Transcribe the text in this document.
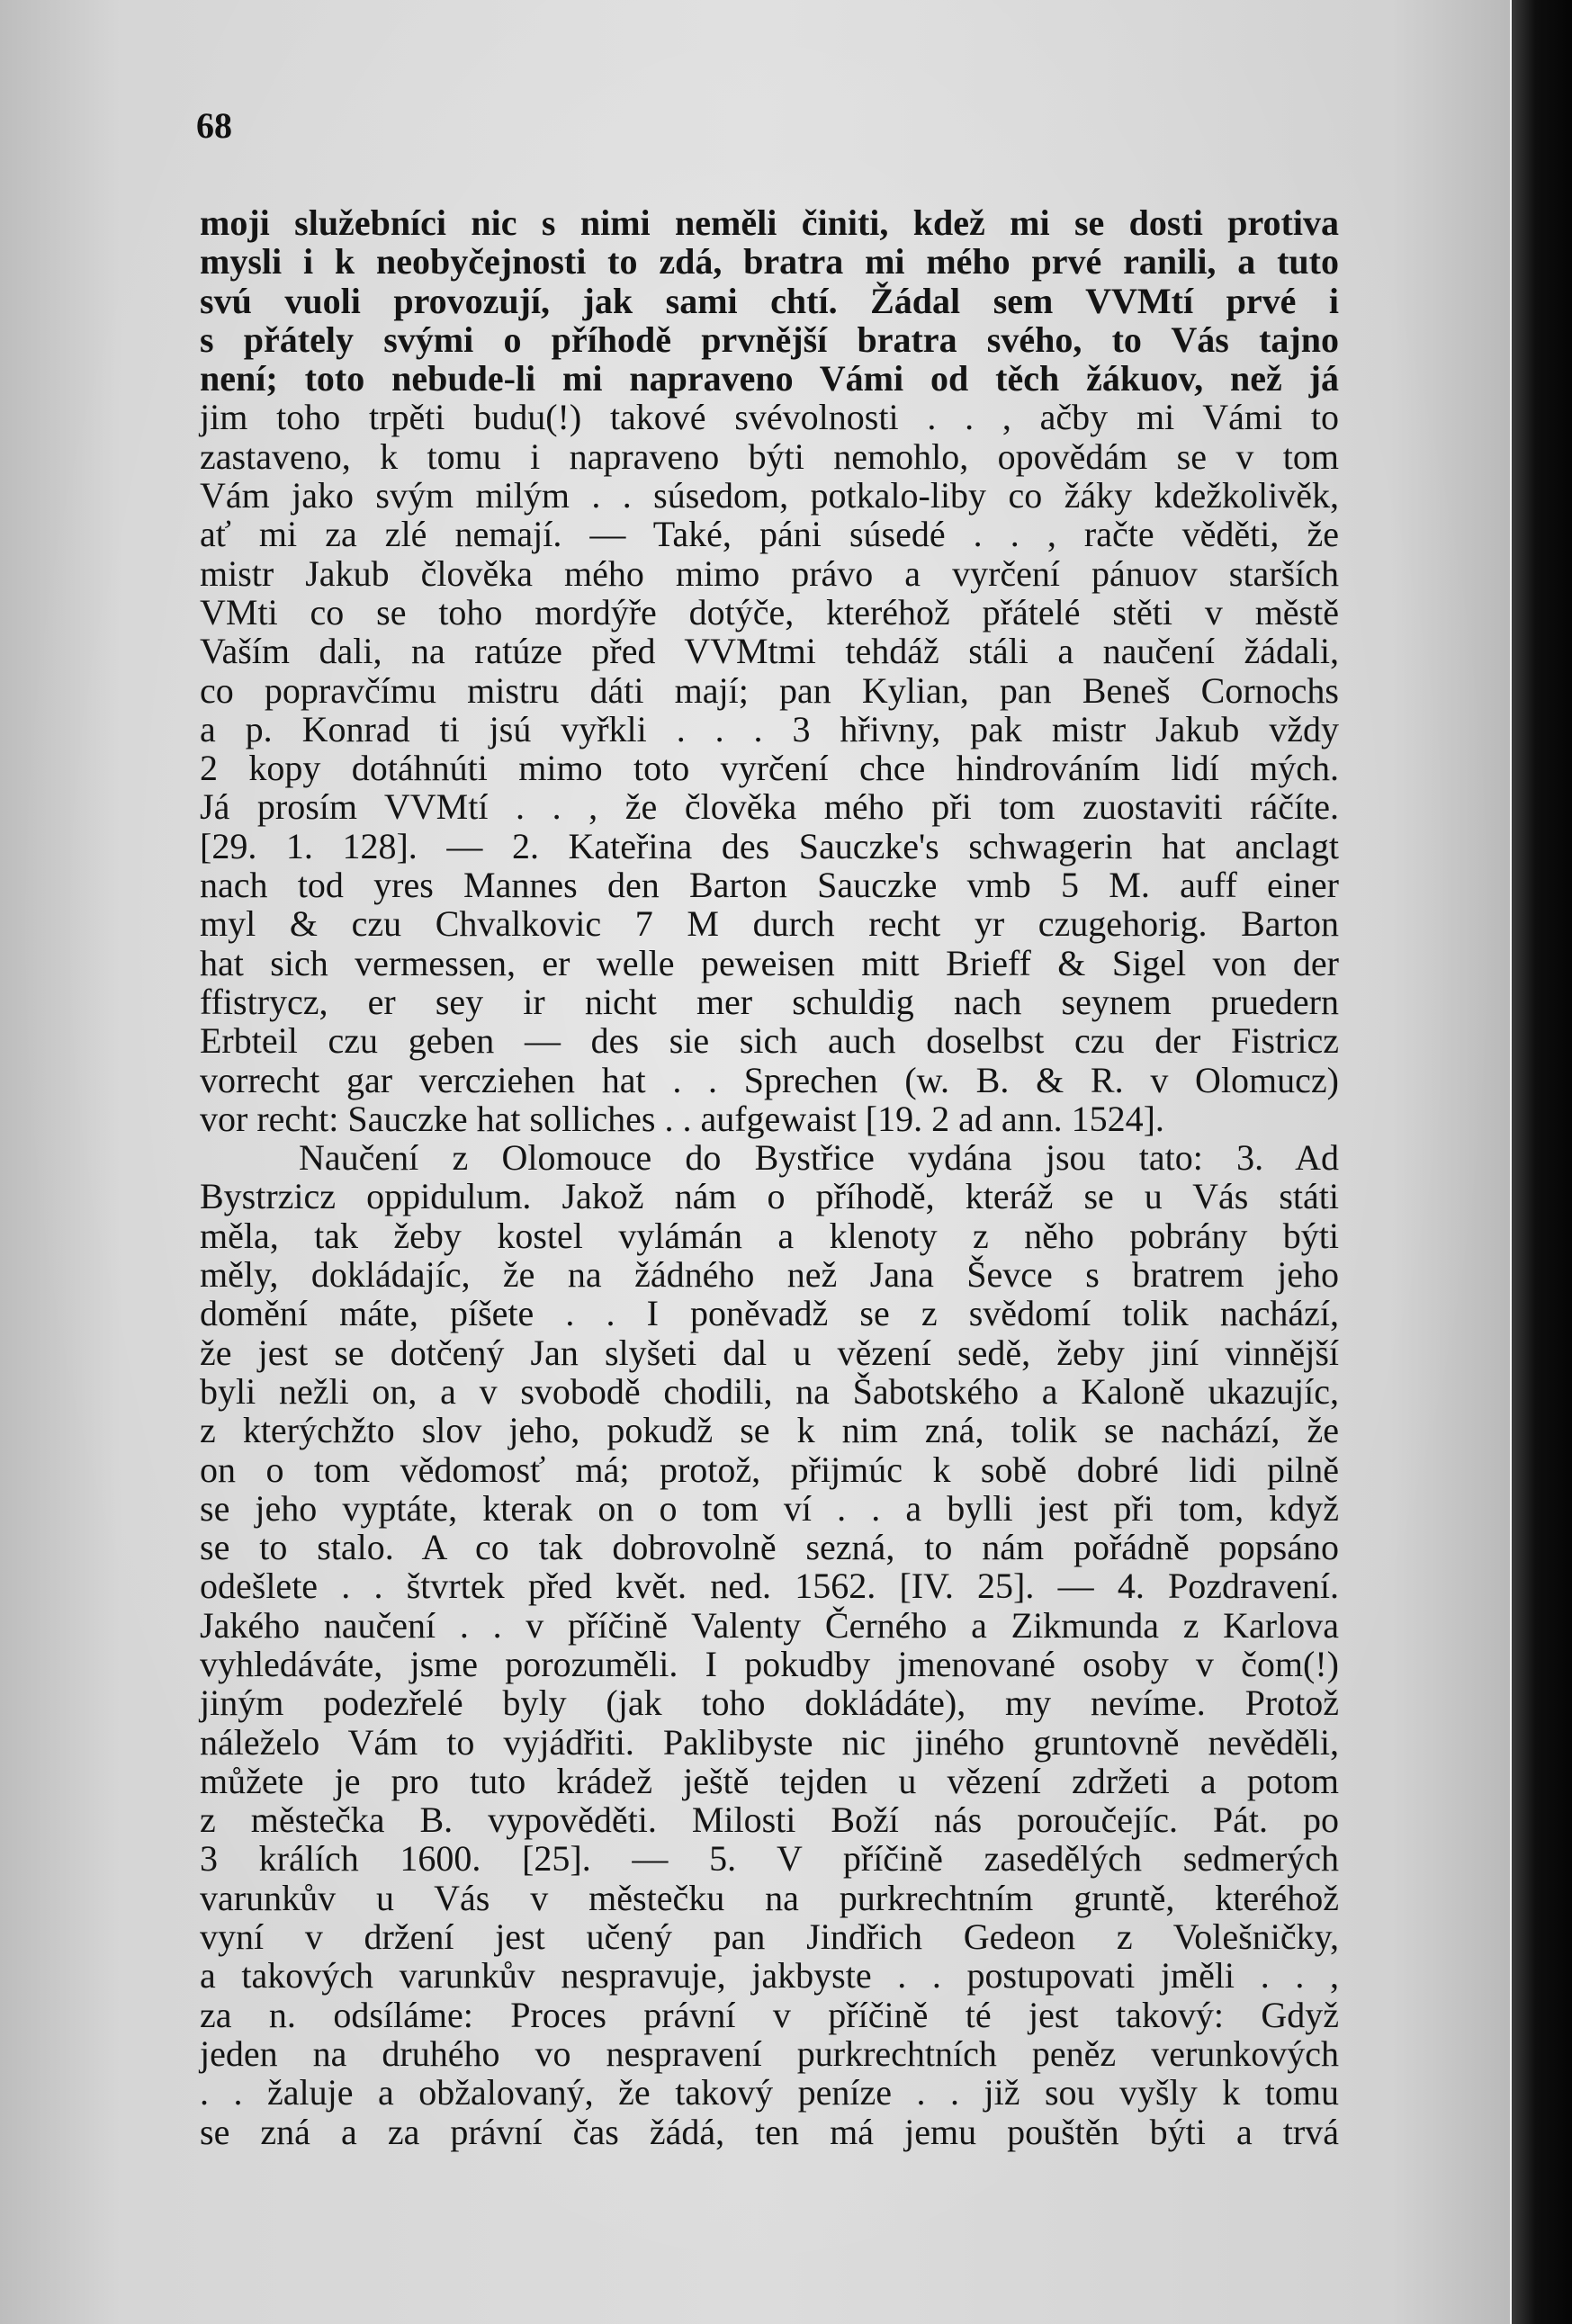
68
moji služebníci nic s nimi neměli činiti, kdež mi se dosti protiva
mysli i k neobyčejnosti to zdá, bratra mi mého prvé ranili, a tuto
svú vuoli provozují, jak sami chtí. Žádal sem VVMtí prvé i
s přátely svými o příhodě prvnější bratra svého, to Vás tajno
není; toto nebude-li mi napraveno Vámi od těch žákuov, než já
jim toho trpěti budu(!) takové svévolnosti . . , ačby mi Vámi to
zastaveno, k tomu i napraveno býti nemohlo, opovědám se v tom
Vám jako svým milým . . súsedom, potkalo-liby co žáky kdežkolivěk,
ať mi za zlé nemají. — Také, páni súsedé . . , račte věděti, že
mistr Jakub člověka mého mimo právo a vyrčení pánuov starších
VMti co se toho mordýře dotýče, kteréhož přátelé stěti v městě
Vaším dali, na ratúze před VVMtmi tehdáž stáli a naučení žádali,
co popravčímu mistru dáti mají; pan Kylian, pan Beneš Cornochs
a p. Konrad ti jsú vyřkli . . . 3 hřivny, pak mistr Jakub vždy
2 kopy dotáhnúti mimo toto vyrčení chce hindrováním lidí mých.
Já prosím VVMtí . . , že člověka mého při tom zuostaviti ráčíte.
[29. 1. 128]. — 2. Kateřina des Sauczke's schwagerin hat anclagt
nach tod yres Mannes den Barton Sauczke vmb 5 M. auff einer
myl & czu Chvalkovic 7 M durch recht yr czugehorig. Barton
hat sich vermessen, er welle peweisen mitt Brieff & Sigel von der
ffistrycz, er sey ir nicht mer schuldig nach seynem pruedern
Erbteil czu geben — des sie sich auch doselbst czu der Fistricz
vorrecht gar vercziehen hat . . Sprechen (w. B. & R. v Olomucz)
vor recht: Sauczke hat solliches . . aufgewaist [19. 2 ad ann. 1524].
Naučení z Olomouce do Bystřice vydána jsou tato: 3. Ad
Bystrzicz oppidulum. Jakož nám o příhodě, kteráž se u Vás státi
měla, tak žeby kostel vylámán a klenoty z něho pobrány býti
měly, dokládajíc, že na žádného než Jana Ševce s bratrem jeho
domění máte, píšete . . I poněvadž se z svědomí tolik nachází,
že jest se dotčený Jan slyšeti dal u vězení sedě, žeby jiní vinnější
byli nežli on, a v svobodě chodili, na Šabotského a Kaloně ukazujíc,
z kterýchžto slov jeho, pokudž se k nim zná, tolik se nachází, že
on o tom vědomosť má; protož, přijmúc k sobě dobré lidi pilně
se jeho vyptáte, kterak on o tom ví . . a bylli jest při tom, když
se to stalo. A co tak dobrovolně sezná, to nám pořádně popsáno
odešlete . . štvrtek před květ. ned. 1562. [IV. 25]. — 4. Pozdravení.
Jakého naučení . . v příčině Valenty Černého a Zikmunda z Karlova
vyhledáváte, jsme porozuměli. I pokudby jmenované osoby v čom(!)
jiným podezřelé byly (jak toho dokládáte), my nevíme. Protož
náleželo Vám to vyjádřiti. Paklibyste nic jiného gruntovně nevěděli,
můžete je pro tuto krádež ještě tejden u vězení zdržeti a potom
z městečka B. vypověděti. Milosti Boží nás poroučejíc. Pát. po
3 králích 1600. [25]. — 5. V příčině zasedělých sedmerých
varunkův u Vás v městečku na purkrechtním gruntě, kteréhož
vyní v držení jest učený pan Jindřich Gedeon z Volešničky,
a takových varunkův nespravuje, jakbyste . . postupovati jměli . . ,
za n. odsíláme: Proces právní v příčině té jest takový: Gdyž
jeden na druhého vo nespravení purkrechtních peněz verunkových
. . žaluje a obžalovaný, že takový peníze . . již sou vyšly k tomu
se zná a za právní čas žádá, ten má jemu pouštěn býti a trvá
